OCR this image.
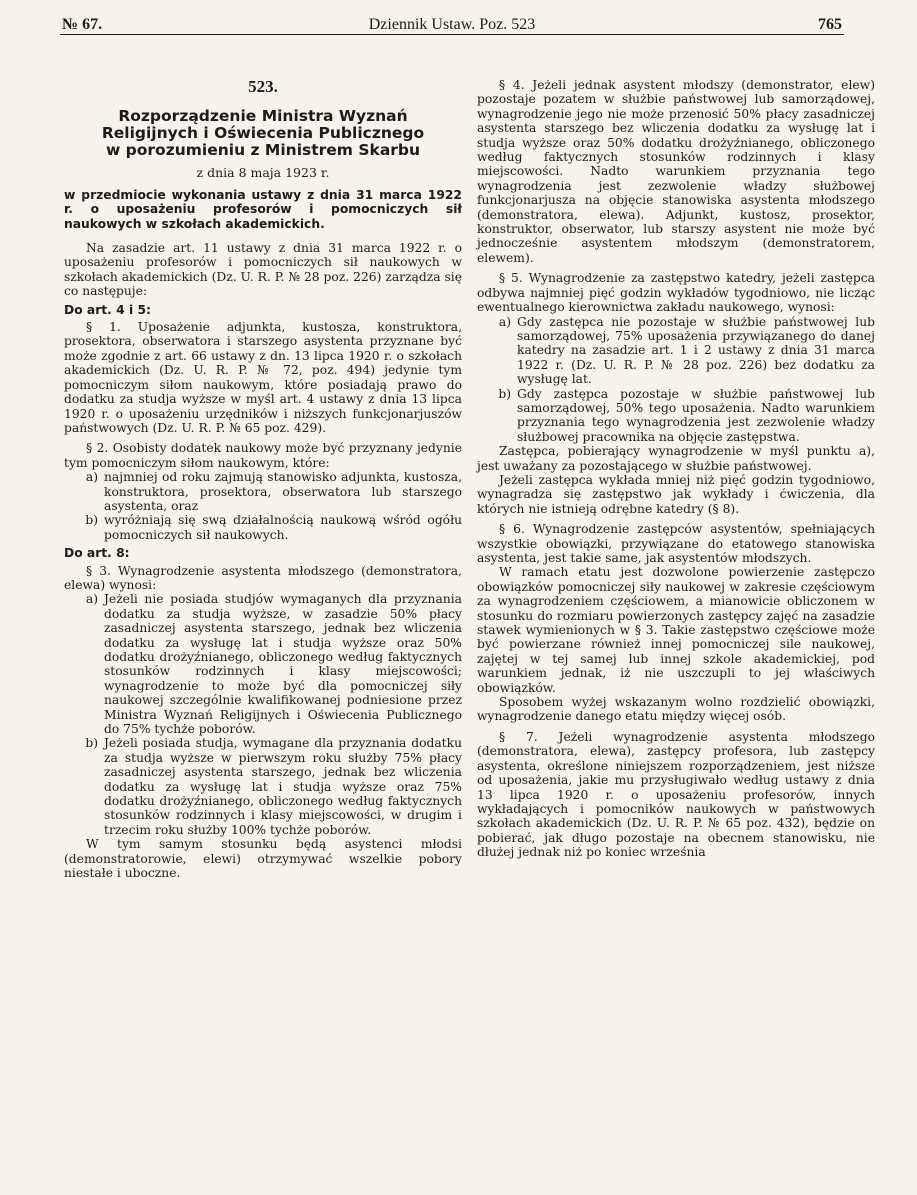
№ 67.	Dziennik Ustaw. Poz. 523	765

523.

Rozporządzenie Ministra Wyznań
Religijnych i Oświecenia Publicznego
w porozumieniu z Ministrem Skarbu

z dnia 8 maja 1923 r.

w przedmiocie wykonania ustawy z dnia 31 marca 1922 r. o uposażeniu profesorów i pomocniczych sił naukowych w szkołach akademickich.

Na zasadzie art. 11 ustawy z dnia 31 marca 1922 r. o uposażeniu profesorów i pomocniczych sił naukowych w szkołach akademickich (Dz. U. R. P. № 28 poz. 226) zarządza się co następuje:

Do art. 4 i 5:

§ 1. Uposażenie adjunkta, kustosza, konstruktora, prosektora, obserwatora i starszego asystenta przyznane być może zgodnie z art. 66 ustawy z dn. 13 lipca 1920 r. o szkołach akademickich (Dz. U. R. P. № 72, poz. 494) jedynie tym pomocniczym siłom naukowym, które posiadają prawo do dodatku za studja wyższe w myśl art. 4 ustawy z dnia 13 lipca 1920 r. o uposażeniu urzędników i niższych funkcjonarjuszów państwowych (Dz. U. R. P. № 65 poz. 429).

§ 2. Osobisty dodatek naukowy może być przyznany jedynie tym pomocniczym siłom naukowym, które:

a) najmniej od roku zajmują stanowisko adjunkta, kustosza, konstruktora, prosektora, obserwatora lub starszego asystenta, oraz
b) wyróżniają się swą działalnością naukową wśród ogółu pomocniczych sił naukowych.

Do art. 8:

§ 3. Wynagrodzenie asystenta młodszego (demonstratora, elewa) wynosi:

a) Jeżeli nie posiada studjów wymaganych dla przyznania dodatku za studja wyższe, w zasadzie 50% płacy zasadniczej asystenta starszego, jednak bez wliczenia dodatku za wysługę lat i studja wyższe oraz 50% dodatku drożyźnianego, obliczonego według faktycznych stosunków rodzinnych i klasy miejscowości; wynagrodzenie to może być dla pomocniczej siły naukowej szczególnie kwalifikowanej podniesione przez Ministra Wyznań Religijnych i Oświecenia Publicznego do 75% tychże poborów.
b) Jeżeli posiada studja, wymagane dla przyznania dodatku za studja wyższe w pierwszym roku służby 75% płacy zasadniczej asystenta starszego, jednak bez wliczenia dodatku za wysługę lat i studja wyższe oraz 75% dodatku drożyźnianego, obliczonego według faktycznych stosunków rodzinnych i klasy miejscowości, w drugim i trzecim roku służby 100% tychże poborów.

W tym samym stosunku będą asystenci młodsi (demonstratorowie, elewi) otrzymywać wszelkie pobory niestałe i uboczne.

§ 4. Jeżeli jednak asystent młodszy (demonstrator, elew) pozostaje pozatem w służbie państwowej lub samorządowej, wynagrodzenie jego nie może przenosić 50% płacy zasadniczej asystenta starszego bez wliczenia dodatku za wysługę lat i studja wyższe oraz 50% dodatku drożyźnianego, obliczonego według faktycznych stosunków rodzinnych i klasy miejscowości. Nadto warunkiem przyznania tego wynagrodzenia jest zezwolenie władzy służbowej funkcjonarjusza na objęcie stanowiska asystenta młodszego (demonstratora, elewa). Adjunkt, kustosz, prosektor, konstruktor, obserwator, lub starszy asystent nie może być jednocześnie asystentem młodszym (demonstratorem, elewem).

§ 5. Wynagrodzenie za zastępstwo katedry, jeżeli zastępca odbywa najmniej pięć godzin wykładów tygodniowo, nie licząc ewentualnego kierownictwa zakładu naukowego, wynosi:

a) Gdy zastępca nie pozostaje w służbie państwowej lub samorządowej, 75% uposażenia przywiązanego do danej katedry na zasadzie art. 1 i 2 ustawy z dnia 31 marca 1922 r. (Dz. U. R. P. № 28 poz. 226) bez dodatku za wysługę lat.
b) Gdy zastępca pozostaje w służbie państwowej lub samorządowej, 50% tego uposażenia. Nadto warunkiem przyznania tego wynagrodzenia jest zezwolenie władzy służbowej pracownika na objęcie zastępstwa.

Zastępca, pobierający wynagrodzenie w myśl punktu a), jest uważany za pozostającego w służbie państwowej.

Jeżeli zastępca wykłada mniej niż pięć godzin tygodniowo, wynagradza się zastępstwo jak wykłady i ćwiczenia, dla których nie istnieją odrębne katedry (§ 8).

§ 6. Wynagrodzenie zastępców asystentów, spełniających wszystkie obowiązki, przywiązane do etatowego stanowiska asystenta, jest takie same, jak asystentów młodszych.

W ramach etatu jest dozwolone powierzenie zastępczo obowiązków pomocniczej siły naukowej w zakresie częściowym za wynagrodzeniem częściowem, a mianowicie obliczonem w stosunku do rozmiaru powierzonych zastępcy zajęć na zasadzie stawek wymienionych w § 3. Takie zastępstwo częściowe może być powierzane również innej pomocniczej sile naukowej, zajętej w tej samej lub innej szkole akademickiej, pod warunkiem jednak, iż nie uszczupli to jej właściwych obowiązków.

Sposobem wyżej wskazanym wolno rozdzielić obowiązki, wynagrodzenie danego etatu między więcej osób.

§ 7. Jeżeli wynagrodzenie asystenta młodszego (demonstratora, elewa), zastępcy profesora, lub zastępcy asystenta, określone niniejszem rozporządzeniem, jest niższe od uposażenia, jakie mu przysługiwało według ustawy z dnia 13 lipca 1920 r. o uposażeniu profesorów, innych wykładających i pomocników naukowych w państwowych szkołach akademickich (Dz. U. R. P. № 65 poz. 432), będzie on pobierać, jak długo pozostaje na obecnem stanowisku, nie dłużej jednak niż po koniec września
